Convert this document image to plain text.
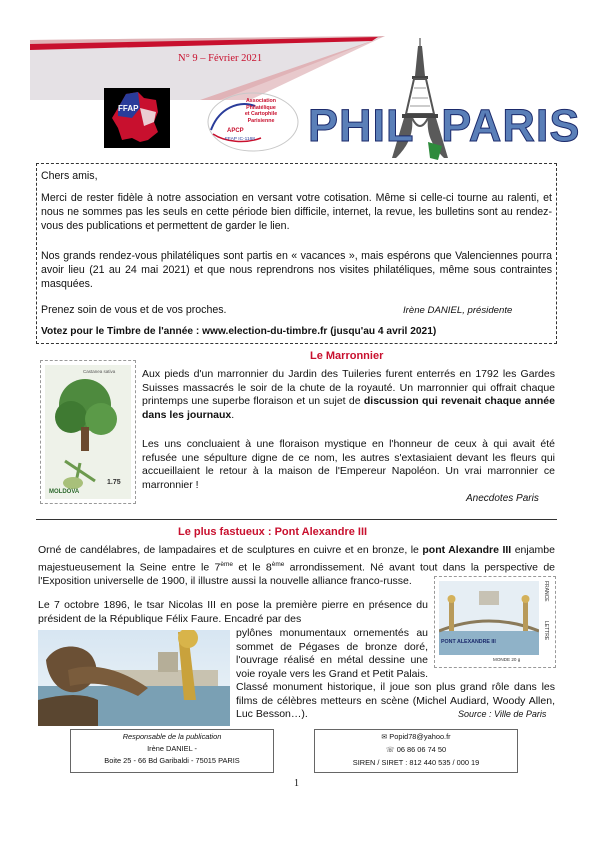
N° 9 – Février 2021
FFAP
Association
Philatélique
et Cartophile
Parisienne
APCP
FFAP IC-1168 PHIL PARIS
Chers amis,

Merci de rester fidèle à notre association en versant votre cotisation. Même si celle-ci tourne au ralenti, et nous ne sommes pas les seuls en cette période bien difficile, internet, la revue, les bulletins sont au rendez-vous des publications et permettent de garder le lien.

Nos grands rendez-vous philatéliques sont partis en « vacances », mais espérons que Valenciennes pourra avoir lieu (21 au 24 mai 2021) et que nous reprendrons nos visites philatéliques, même sous contraintes masquées.

Prenez soin de vous et de vos proches.	Irène DANIEL, présidente
Votez pour le Timbre de l'année : www.election-du-timbre.fr (jusqu'au 4 avril 2021)
Le Marronnier
Castanea sativa
1.75
MOLDOVA

Aux pieds d'un marronnier du Jardin des Tuileries furent enterrés en 1792 les Gardes Suisses massacrés le soir de la chute de la royauté. Un marronnier qui offrait chaque printemps une superbe floraison et un sujet de discussion qui revenait chaque année dans les journaux.

Les uns concluaient à une floraison mystique en l'honneur de ceux à qui avait été refusée une sépulture digne de ce nom, les autres s'extasiaient devant les fleurs qui accueillaient le retour à la maison de l'Empereur Napoléon. Un vrai marronnier ce marronnier !

Anecdotes Paris
Le plus fastueux : Pont Alexandre III

Orné de candélabres, de lampadaires et de sculptures en cuivre et en bronze, le pont Alexandre III enjambe majestueusement la Seine entre le 7ème et le 8ème arrondissement. Né avant tout dans la perspective de l'Exposition universelle de 1900, il illustre aussi la nouvelle alliance franco-russe.

PONT ALEXANDRE III
MONDE 20 g
FRANCE
LETTRE

Le 7 octobre 1896, le tsar Nicolas III en pose la première pierre en présence du président de la République Félix Faure. Encadré par des

pylônes monumentaux ornementés au sommet de Pégases de bronze doré, l'ouvrage réalisé en métal dessine une voie royale vers les Grand et Petit Palais.

Classé monument historique, il joue son plus grand rôle dans les films de célèbres metteurs en scène (Michel Audiard, Woody Allen, Luc Besson…).	Source : Ville de Paris
Responsable de la publication
Irène DANIEL -
Boite 25 - 66 Bd Garibaldi - 75015 PARIS
✉ Popid78@yahoo.fr
☏ 06 86 06 74 50
SIREN / SIRET : 812 440 535 / 000 19
1
